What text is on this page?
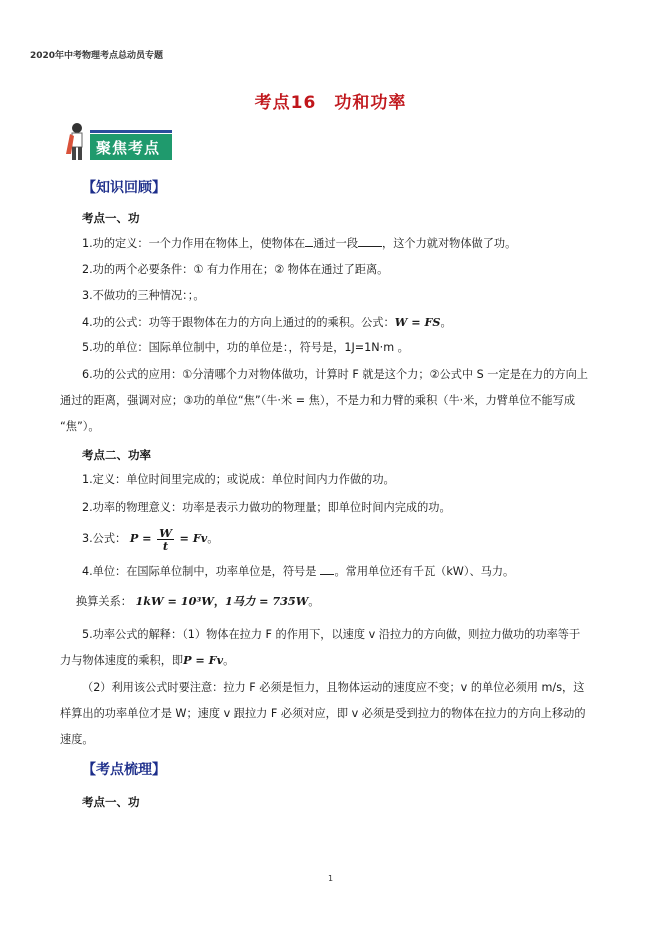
2020年中考物理考点总动员专题
考点16　功和功率
聚焦考点
【知识回顾】
考点一、功
1.功的定义：一个力作用在物体上，使物体在 通过一段 ，这个力就对物体做了功。
2.功的两个必要条件：① 有力作用在；② 物体在通过了距离。
3.不做功的三种情况：；。
4.功的公式：功等于跟物体在力的方向上通过的的乘积。公式：W = FS。
5.功的单位：国际单位制中，功的单位是：，符号是，1J=1N·m 。
6.功的公式的应用：①分清哪个力对物体做功，计算时 F 就是这个力；②公式中 S 一定是在力的方向上
通过的距离，强调对应；③功的单位“焦”（牛·米 = 焦），不是力和力臂的乘积（牛·米，力臂单位不能写成
“焦”）。
考点二、功率
1.定义：单位时间里完成的；或说成：单位时间内力作做的功。
2.功率的物理意义：功率是表示力做功的物理量；即单位时间内完成的功。
3.公式： $P = \frac{W}{t} = Fv$。
4.单位：在国际单位制中，功率单位是，符号是 。常用单位还有千瓦（kW）、马力。
换算关系： 1kW = 10³W，1马力 = 735W。
5.功率公式的解释：（1）物体在拉力 F 的作用下，以速度 v 沿拉力的方向做，则拉力做功的功率等于
力与物体速度的乘积，即P = Fv。
（2）利用该公式时要注意：拉力 F 必须是恒力，且物体运动的速度应不变；v 的单位必须用 m/s，这
样算出的功率单位才是 W；速度 v 跟拉力 F 必须对应，即 v 必须是受到拉力的物体在拉力的方向上移动的
速度。
【考点梳理】
考点一、功
1
